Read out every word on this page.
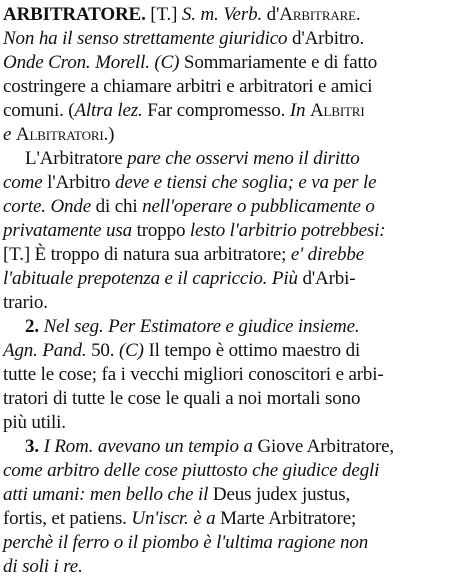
ARBITRATORE. [T.] S. m. Verb. d'Arbitrare.
Non ha il senso strettamente giuridico d'Arbitro.
Onde Cron. Morell. (C) Sommariamente e di fatto
costringere a chiamare arbitri e arbitratori e amici
comuni. (Altra lez. Far compromesso. In Albitri
e Albitratori.)
L'Arbitratore pare che osservi meno il diritto
come l'Arbitro deve e tiensi che soglia; e va per le
corte. Onde di chi nell'operare o pubblicamente o
privatamente usa troppo lesto l'arbitrio potrebbesi:
[T.] È troppo di natura sua arbitratore; e' direbbe
l'abituale prepotenza e il capriccio. Più d'Arbi-
trario.
2. Nel seg. Per Estimatore e giudice insieme.
Agn. Pand. 50. (C) Il tempo è ottimo maestro di
tutte le cose; fa i vecchi migliori conoscitori e arbi-
tratori di tutte le cose le quali a noi mortali sono
più utili.
3. I Rom. avevano un tempio a Giove Arbitratore,
come arbitro delle cose piuttosto che giudice degli
atti umani: men bello che il Deus judex justus,
fortis, et patiens. Un'iscr. è a Marte Arbitratore;
perchè il ferro o il piombo è l'ultima ragione non
di soli i re.
